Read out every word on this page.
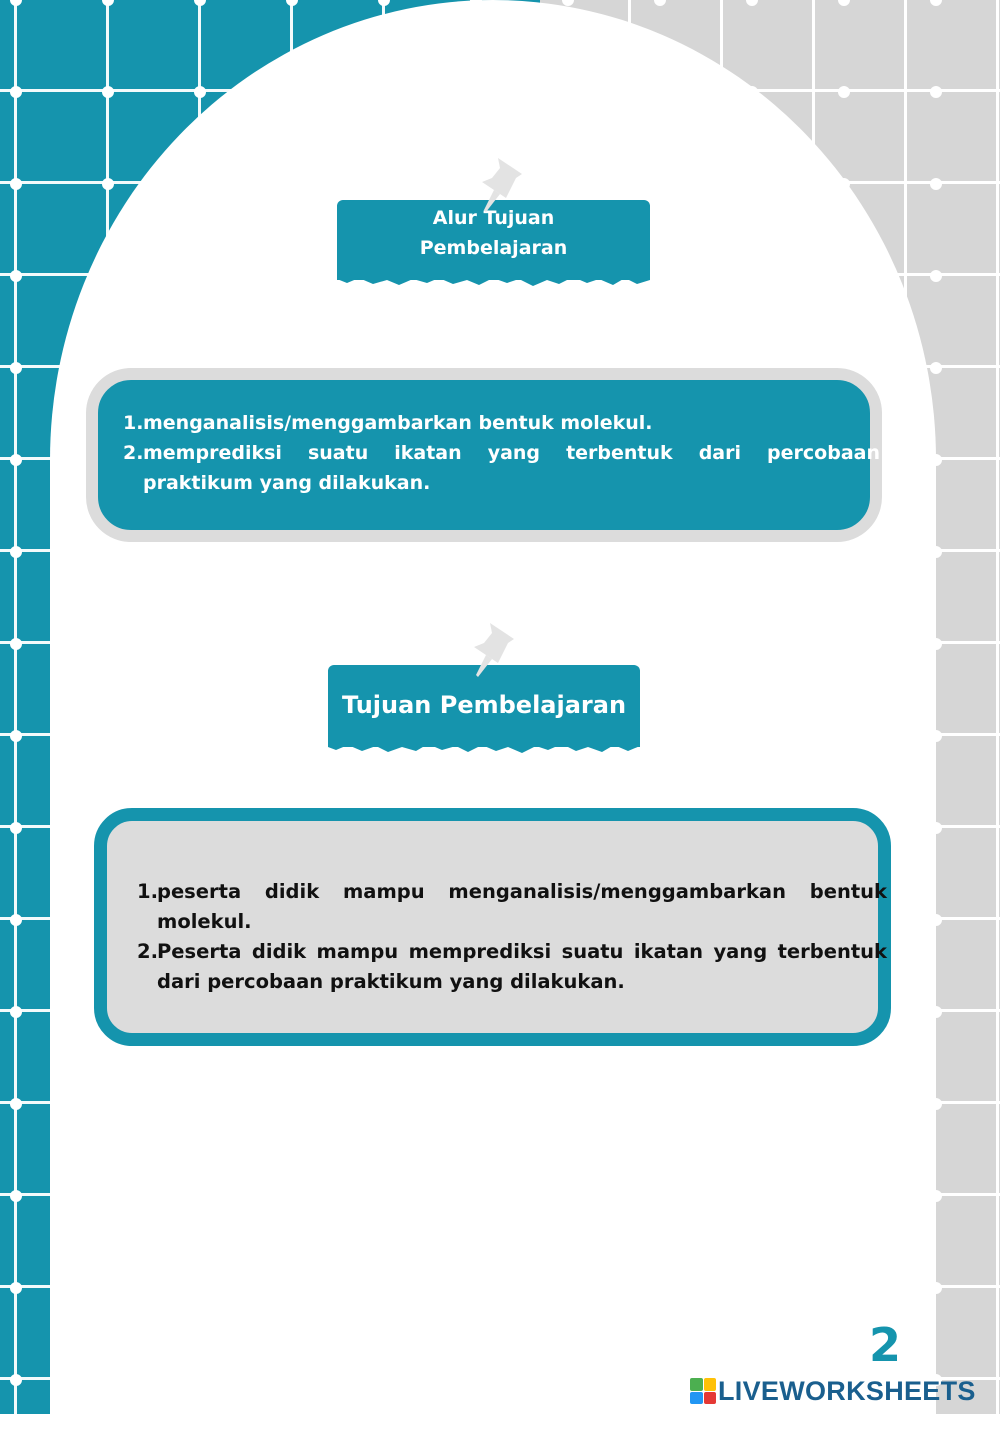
Alur Tujuan
Pembelajaran
1. menganalisis/menggambarkan bentuk molekul.
2. memprediksi suatu ikatan yang terbentuk dari percobaan praktikum yang dilakukan.
Tujuan Pembelajaran
1. peserta didik mampu menganalisis/menggambarkan bentuk molekul.
2. Peserta didik mampu memprediksi suatu ikatan yang terbentuk dari percobaan praktikum yang dilakukan.
2
LIVEWORKSHEETS
